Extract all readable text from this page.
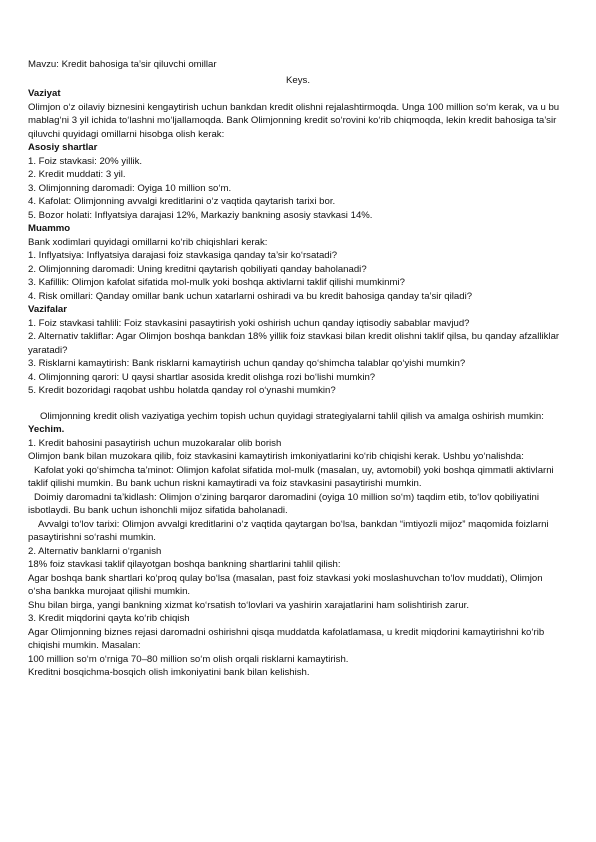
Mavzu: Kredit bahosiga ta’sir qiluvchi omillar

Keys.

Vaziyat

Olimjon o‘z oilaviy biznesini kengaytirish uchun bankdan kredit olishni rejalashtirmoqda. Unga 100 million so‘m kerak, va u bu mablag‘ni 3 yil ichida to‘lashni mo‘ljallamoqda. Bank Olimjonning kredit so‘rovini ko‘rib chiqmoqda, lekin kredit bahosiga ta’sir qiluvchi quyidagi omillarni hisobga olish kerak:

Asosiy shartlar

1. Foiz stavkasi: 20% yillik.

2. Kredit muddati: 3 yil.

3. Olimjonning daromadi: Oyiga 10 million so‘m.

4. Kafolat: Olimjonning avvalgi kreditlarini o‘z vaqtida qaytarish tarixi bor.

5. Bozor holati: Inflyatsiya darajasi 12%, Markaziy bankning asosiy stavkasi 14%.

Muammo

Bank xodimlari quyidagi omillarni ko‘rib chiqishlari kerak:

1. Inflyatsiya: Inflyatsiya darajasi foiz stavkasiga qanday ta’sir ko‘rsatadi?

2. Olimjonning daromadi: Uning kreditni qaytarish qobiliyati qanday baholanadi?

3. Kafillik: Olimjon kafolat sifatida mol-mulk yoki boshqa aktivlarni taklif qilishi mumkinmi?

4. Risk omillari: Qanday omillar bank uchun xatarlarni oshiradi va bu kredit bahosiga qanday ta’sir qiladi?

Vazifalar

1. Foiz stavkasi tahlili: Foiz stavkasini pasaytirish yoki oshirish uchun qanday iqtisodiy sabablar mavjud?

2. Alternativ takliflar: Agar Olimjon boshqa bankdan 18% yillik foiz stavkasi bilan kredit olishni taklif qilsa, bu qanday afzalliklar yaratadi?

3. Risklarni kamaytirish: Bank risklarni kamaytirish uchun qanday qo‘shimcha talablar qo‘yishi mumkin?

4. Olimjonning qarori: U qaysi shartlar asosida kredit olishga rozi bo‘lishi mumkin?

5. Kredit bozoridagi raqobat ushbu holatda qanday rol o‘ynashi mumkin?

Olimjonning kredit olish vaziyatiga yechim topish uchun quyidagi strategiyalarni tahlil qilish va amalga oshirish mumkin:

Yechim.

1. Kredit bahosini pasaytirish uchun muzokaralar olib borish

Olimjon bank bilan muzokara qilib, foiz stavkasini kamaytirish imkoniyatlarini ko‘rib chiqishi kerak. Ushbu yo‘nalishda:

Kafolat yoki qo‘shimcha ta’minot: Olimjon kafolat sifatida mol-mulk (masalan, uy, avtomobil) yoki boshqa qimmatli aktivlarni taklif qilishi mumkin. Bu bank uchun riskni kamaytiradi va foiz stavkasini pasaytirishi mumkin.

Doimiy daromadni ta’kidlash: Olimjon o‘zining barqaror daromadini (oyiga 10 million so‘m) taqdim etib, to‘lov qobiliyatini isbotlaydi. Bu bank uchun ishonchli mijoz sifatida baholanadi.

Avvalgi to‘lov tarixi: Olimjon avvalgi kreditlarini o‘z vaqtida qaytargan bo‘lsa, bankdan “imtiyozli mijoz” maqomida foizlarni pasaytirishni so‘rashi mumkin.

2. Alternativ banklarni o‘rganish

18% foiz stavkasi taklif qilayotgan boshqa bankning shartlarini tahlil qilish:

Agar boshqa bank shartlari ko‘proq qulay bo‘lsa (masalan, past foiz stavkasi yoki moslashuvchan to‘lov muddati), Olimjon o‘sha bankka murojaat qilishi mumkin.

Shu bilan birga, yangi bankning xizmat ko‘rsatish to‘lovlari va yashirin xarajatlarini ham solishtirish zarur.

3. Kredit miqdorini qayta ko‘rib chiqish

Agar Olimjonning biznes rejasi daromadni oshirishni qisqa muddatda kafolatlamasa, u kredit miqdorini kamaytirishni ko‘rib chiqishi mumkin. Masalan:

100 million so‘m o‘rniga 70–80 million so‘m olish orqali risklarni kamaytirish.

Kreditni bosqichma-bosqich olish imkoniyatini bank bilan kelishish.
